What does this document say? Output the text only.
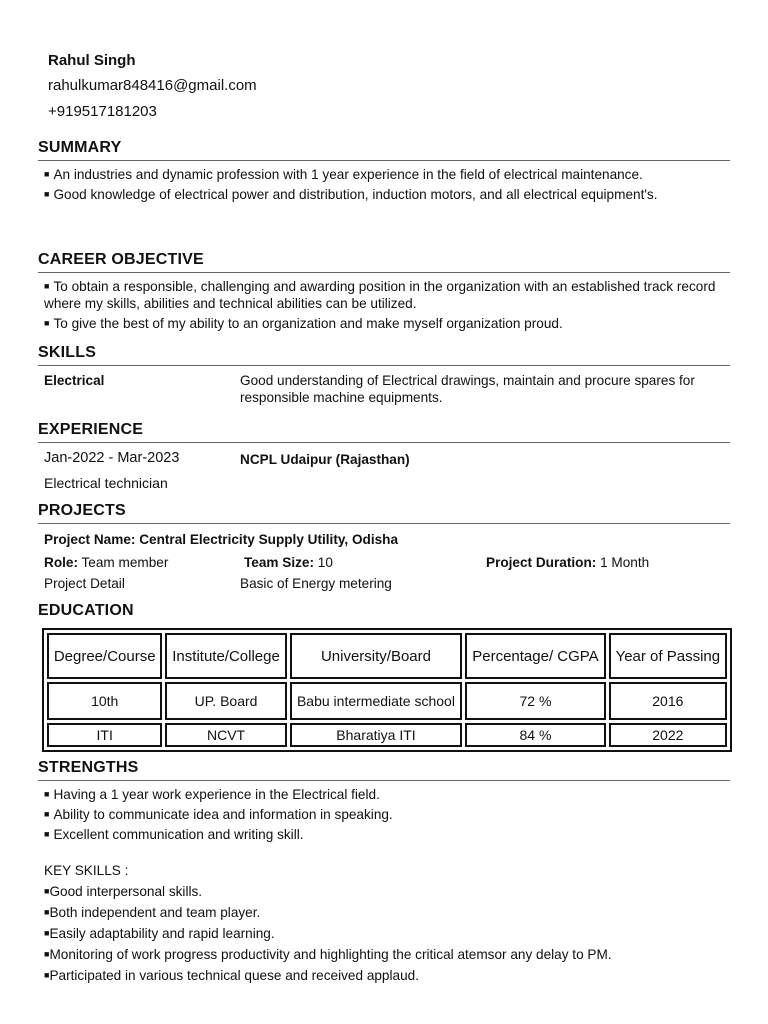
Rahul Singh
rahulkumar848416@gmail.com
+919517181203
SUMMARY
■ An industries and dynamic profession with 1 year experience in the field of electrical maintenance.
■ Good knowledge of electrical power and distribution, induction motors, and all electrical equipment's.
CAREER OBJECTIVE
■ To obtain a responsible, challenging and awarding position in the organization with an established track record where my skills, abilities and technical abilities can be utilized.
■ To give the best of my ability to an organization and make myself organization proud.
SKILLS
Electrical	Good understanding of Electrical drawings, maintain and procure spares for responsible machine equipments.
EXPERIENCE
Jan-2022 - Mar-2023	NCPL Udaipur (Rajasthan)
Electrical technician
PROJECTS
Project Name: Central Electricity Supply Utility, Odisha
Role: Team member	Team Size: 10	Project Duration: 1 Month
Project Detail	Basic of Energy metering
EDUCATION
Degree/Course	Institute/College	University/Board	Percentage/ CGPA	Year of Passing
10th	UP. Board	Babu intermediate school	72 %	2016
ITI	NCVT	Bharatiya ITI	84 %	2022
STRENGTHS
■ Having a 1 year work experience in the Electrical field.
■ Ability to communicate idea and information in speaking.
■ Excellent communication and writing skill.
KEY SKILLS :
■Good interpersonal skills.
■Both independent and team player.
■Easily adaptability and rapid learning.
■Monitoring of work progress productivity and highlighting the critical atemsor any delay to PM.
■Participated in various technical quese and received applaud.
